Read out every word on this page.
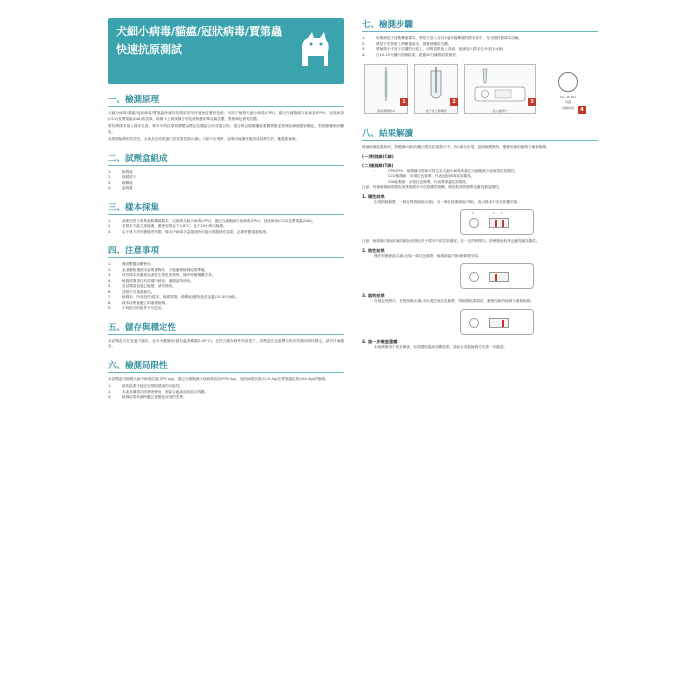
犬細小病毒/貓瘟/冠狀病毒/賈第蟲
快速抗原測試
一、檢測原理
犬細小病毒/貓瘟/冠狀病毒/賈第蟲快速抗原測試采用快速免疫層析技術，可用于檢測犬細小病毒(CPV)、貓泛白細胞減少症病毒(FPV)、冠狀病毒(CCV)及賈第蟲(GIA)的抗原。檢測卡上測試線分別包被相應的單克隆抗體，對照線包被兔抗體。
將待測樣本加入樣本孔後，樣本中的抗原與膠體金標記抗體結合形成復合物，復合物沿硝酸纖維素膜移動並被測試線捕獲而顯色，對照線應始終顯色。
為保證檢測的有效性，本產品在結果窗口設有質控線(C線)。C線不出現時，說明可能操作錯誤或試劑失效，應重新檢測。
二、試劑盒組成
1.	檢測盒
2.	採樣拭子
3.	稀釋液
4.	說明書
三、樣本採集
1.	請使用拭子收集新鮮糞便樣本，以檢測犬細小病毒(CPV)、貓泛白細胞減少症病毒(FPV)、冠狀病毒(CCV)及賈第蟲(GIA)。
2.	若樣本不能立即檢測，應密封保存于2-8°C，並于24小時內檢測。
3.	由于該方法的靈敏度有限，樣本中病毒含量過低時可能出現假陰性結果，必要時應重複檢測。
四、注意事項
1.	僅供獸醫診斷使用
2.	必須嚴格遵照本說明書操作，才能確保檢測結果準確。
3.	所有樣本均應視為潛在生物危害物質，操作時應佩戴手套。
4.	檢測試劑須在有效期內使用，過期請勿使用。
5.	若試劑袋包裝已破損，請勿使用。
6.	試劑不可重複使用。
7.	檢測前，所有組件(樣本、檢測試劑、稀釋液)應恢復至室溫(15-30分鐘)。
8.	樣本採集後應立即處理檢測。
9.	不同批次的組件不可混用。
五、儲存與穩定性
本試劑盒可在室溫下儲存，也可冷藏儲存(儲存溫度範圍2-30°C)。在符合儲存條件的前提下，試劑盒在包裝標示的有效期內保持穩定，請勿冷凍儲存。
六、檢測局限性
本試劑盒可檢測犬細小病毒抗原(CPV Ag)、貓泛白細胞減少症病毒抗原(FPV Ag)、冠狀病毒抗原(CCV Ag)及賈第蟲抗原(GIA Ag)的檢測。
1.	陰性結果不能完全排除感染的可能性。
2.	本產品僅供初步篩查使用，需結合臨床症狀綜合判斷。
3.	檢測結果判讀時應注意顏色深淺的差異。
七、檢測步驟
1.	用無菌拭子採集糞便樣本，將拭子放入含有1毫升稀釋液的樣本管中，充分攪拌使樣本溶解。
2.	將拭子在管壁上擠壓後取出，靜置使顆粒沉澱。
3.	將檢測卡平放于清潔的台面上，用吸管吸取上清液，逐滴加入樣本孔中(約3-4滴)。
4.	在10-15分鐘內判讀結果，超過20分鐘的結果無效。
採集糞便樣本
1
拭子放入稀釋液
2
加入檢測卡
3
10~15 Min
判讀
判讀結果	4
八、結果解讀
無論檢測結果如何，對照線(C線)均應出現在結果窗口中。若C線未出現，說明檢測無效，應使用新的檢測卡重新檢測。
(一)對照線(C線)
(二)檢測線(T線)
·	CPV/FPV：檢測線出現即可判定為犬細小病毒或貓泛白細胞減少症病毒抗原陽性。
·	CCV檢測線：出現紅色條帶，代表冠狀病毒抗原陽性。
·	GIA檢測線：出現紅色條帶，代表賈第蟲抗原陽性。
注意：每條檢測線的顏色深淺與樣本中抗原濃度相關，顏色較淺的條帶也應判讀為陽性。
1. 陽性結果
出現兩條條帶，一條在對照線區(C線)，另一條在檢測線區(T線)，表示樣本中存在相應抗原。
C T
S
注意：檢測線(T線)區域的顏色深淺取決于樣本中的抗原濃度。在一定的時間內，即使顏色較淺也應判讀為陽性。
2. 陰性結果
僅在對照線區(C線)出現一條紅色條帶，檢測線區(T線)無條帶出現。
3. 無效結果
在規定時間內，若對照線(C線)未出現任何紅色條帶，則檢測結果無效，應使用新的檢測卡重新檢測。
4. 進一步檢查建議
本檢測僅用于初步篩查，如需獲取臨床診斷結果，請結合其他檢測方法進一步確認。
